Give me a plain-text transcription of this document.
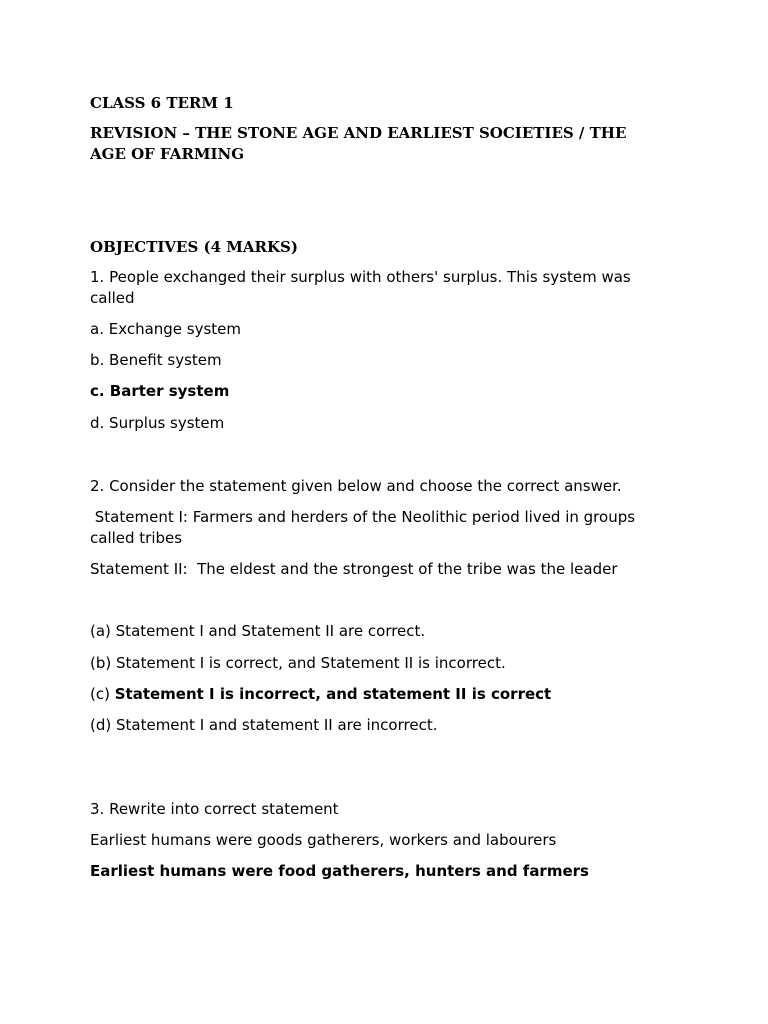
CLASS 6 TERM 1
REVISION – THE STONE AGE AND EARLIEST SOCIETIES / THE AGE OF FARMING
OBJECTIVES (4 MARKS)
1. People exchanged their surplus with others' surplus. This system was called
a. Exchange system
b. Benefit system
c. Barter system
d. Surplus system
2. Consider the statement given below and choose the correct answer.
Statement I: Farmers and herders of the Neolithic period lived in groups called tribes
Statement II:  The eldest and the strongest of the tribe was the leader
(a) Statement I and Statement II are correct.
(b) Statement I is correct, and Statement II is incorrect.
(c) Statement I is incorrect, and statement II is correct
(d) Statement I and statement II are incorrect.
3. Rewrite into correct statement
Earliest humans were goods gatherers, workers and labourers
Earliest humans were food gatherers, hunters and farmers
